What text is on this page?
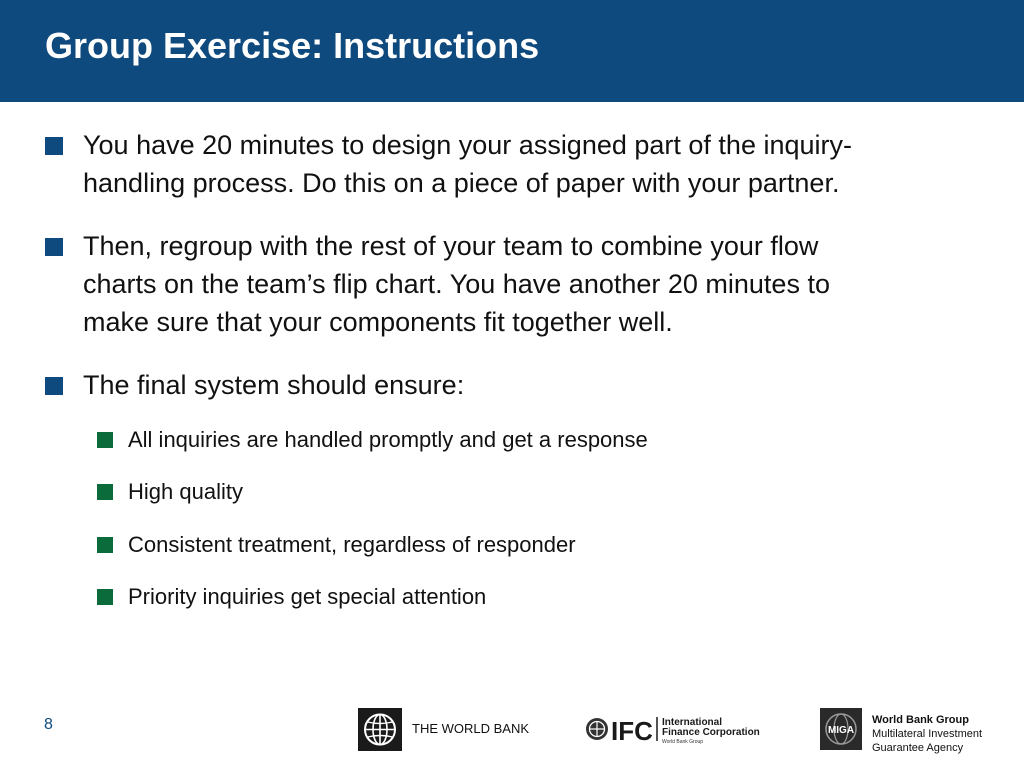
Group Exercise: Instructions
You have 20 minutes to design your assigned part of the inquiry-
handling process. Do this on a piece of paper with your partner.
Then, regroup with the rest of your team to combine your flow
charts on the team’s flip chart. You have another 20 minutes to
make sure that your components fit together well.
The final system should ensure:
All inquiries are handled promptly and get a response
High quality
Consistent treatment, regardless of responder
Priority inquiries get special attention
8	THE WORLD BANK	IFC International
Finance Corporation
World Bank Group
MIGA
World Bank Group
Multilateral Investment
Guarantee Agency
